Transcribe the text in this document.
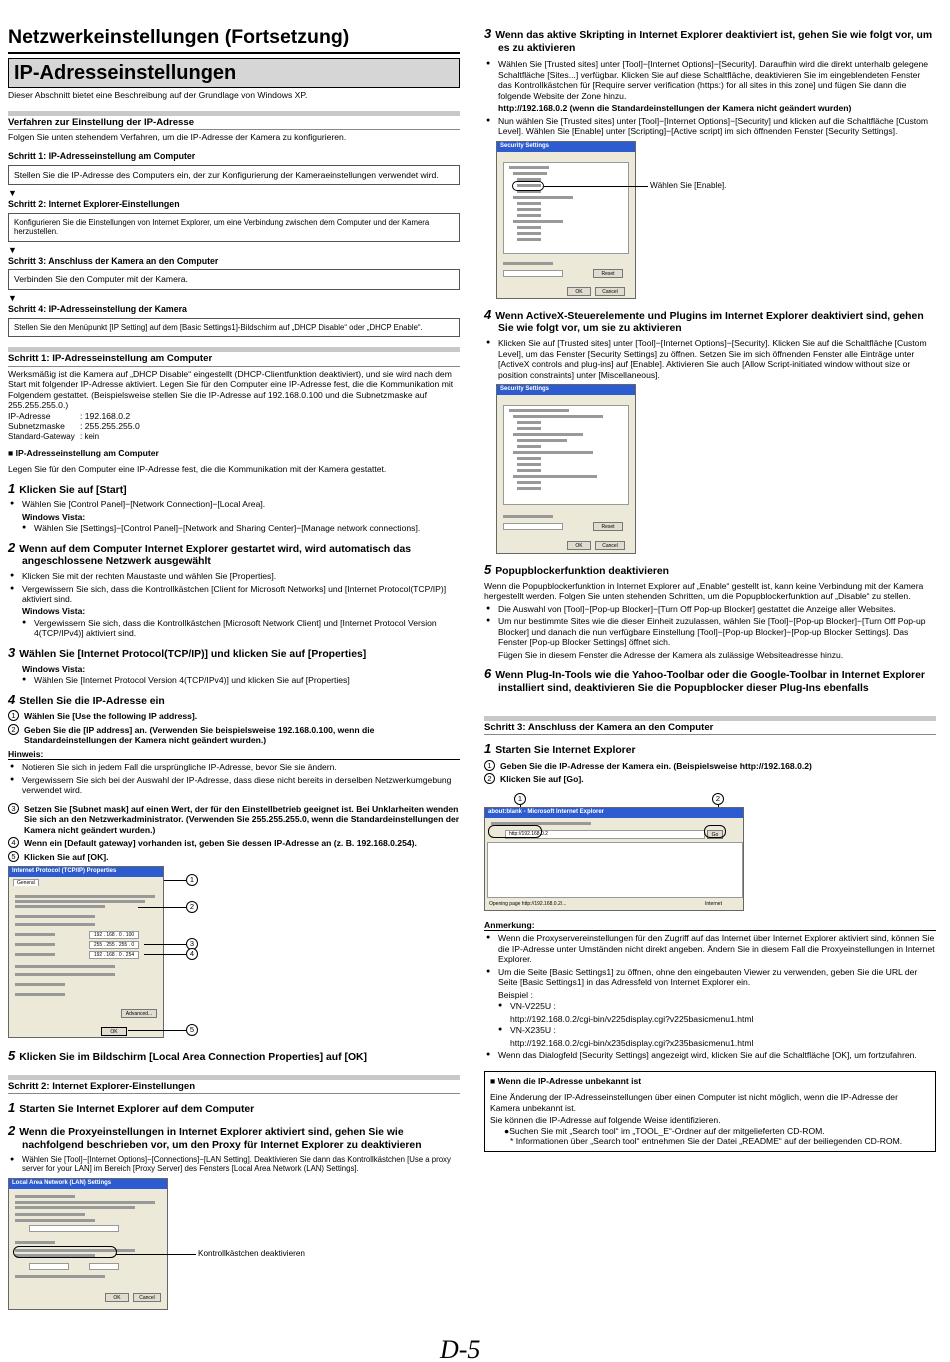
Netzwerkeinstellungen (Fortsetzung)
IP-Adresseinstellungen

Dieser Abschnitt bietet eine Beschreibung auf der Grundlage von Windows XP.

Verfahren zur Einstellung der IP-Adresse

Folgen Sie unten stehendem Verfahren, um die IP-Adresse der Kamera zu konfigurieren.

Schritt 1: IP-Adresseinstellung am Computer
Stellen Sie die IP-Adresse des Computers ein, der zur Konfigurierung der Kameraeinstellungen verwendet wird.
▼
Schritt 2: Internet Explorer-Einstellungen
Konfigurieren Sie die Einstellungen von Internet Explorer, um eine Verbindung zwischen dem Computer und der Kamera herzustellen.
▼
Schritt 3: Anschluss der Kamera an den Computer
Verbinden Sie den Computer mit der Kamera.
▼
Schritt 4: IP-Adresseinstellung der Kamera
Stellen Sie den Menüpunkt [IP Setting] auf dem [Basic Settings1]-Bildschirm auf „DHCP Disable“ oder „DHCP Enable“.
Schritt 1: IP-Adresseinstellung am Computer

Werksmäßig ist die Kamera auf „DHCP Disable“ eingestellt (DHCP-Clientfunktion deaktiviert), und sie wird nach dem Start mit folgender IP-Adresse aktiviert. Legen Sie für den Computer eine IP-Adresse fest, die die Kommunikation mit Folgendem gestattet. (Beispielsweise stellen Sie die IP-Adresse auf 192.168.0.100 und die Subnetzmaske auf 255.255.255.0.)

IP-Adresse	: 192.168.0.2
Subnetzmaske	: 255.255.255.0
Standard-Gateway : kein

■ IP-Adresseinstellung am Computer

Legen Sie für den Computer eine IP-Adresse fest, die die Kommunikation mit der Kamera gestattet.

1 Klicken Sie auf [Start]
● Wählen Sie [Control Panel]−[Network Connection]−[Local Area].
Windows Vista:
● Wählen Sie [Settings]−[Control Panel]−[Network and Sharing Center]−[Manage network connections].
2 Wenn auf dem Computer Internet Explorer gestartet wird, wird automatisch das angeschlossene Netzwerk ausgewählt
● Klicken Sie mit der rechten Maustaste und wählen Sie [Properties].
● Vergewissern Sie sich, dass die Kontrollkästchen [Client for Microsoft Networks] und [Internet Protocol(TCP/IP)] aktiviert sind.
Windows Vista:
● Vergewissern Sie sich, dass die Kontrollkästchen [Microsoft Network Client] und [Internet Protocol Version 4(TCP/IPv4)] aktiviert sind.
3 Wählen Sie [Internet Protocol(TCP/IP)] und klicken Sie auf [Properties]
Windows Vista:
● Wählen Sie [Internet Protocol Version 4(TCP/IPv4)] und klicken Sie auf [Properties]
4 Stellen Sie die IP-Adresse ein
1 Wählen Sie [Use the following IP address].
2 Geben Sie die [IP address] an. (Verwenden Sie beispielsweise 192.168.0.100, wenn die Standardeinstellungen der Kamera nicht geändert wurden.)
Hinweis:
● Notieren Sie sich in jedem Fall die ursprüngliche IP-Adresse, bevor Sie sie ändern.
● Vergewissern Sie sich bei der Auswahl der IP-Adresse, dass diese nicht bereits in derselben Netzwerkumgebung verwendet wird.
3 Setzen Sie [Subnet mask] auf einen Wert, der für den Einstellbetrieb geeignet ist. Bei Unklarheiten wenden Sie sich an den Netzwerkadministrator. (Verwenden Sie 255.255.255.0, wenn die Standardeinstellungen der Kamera nicht geändert wurden.)
4 Wenn ein [Default gateway] vorhanden ist, geben Sie dessen IP-Adresse an (z. B. 192.168.0.254).
5 Klicken Sie auf [OK].
Internet Protocol (TCP/IP) Properties
General
192 . 168 . 0 . 100
255 . 255 . 255 . 0
192 . 168 . 0 . 254
Advanced...
OK
1
2
3
4
5
5 Klicken Sie im Bildschirm [Local Area Connection Properties] auf [OK]
Schritt 2: Internet Explorer-Einstellungen
1 Starten Sie Internet Explorer auf dem Computer
2 Wenn die Proxyeinstellungen in Internet Explorer aktiviert sind, gehen Sie wie nachfolgend beschrieben vor, um den Proxy für Internet Explorer zu deaktivieren
● Wählen Sie [Tool]−[Internet Options]−[Connections]−[LAN Setting]. Deaktivieren Sie dann das Kontrollkästchen [Use a proxy server for your LAN] im Bereich [Proxy Server] des Fensters [Local Area Network (LAN) Settings].
Local Area Network (LAN) Settings
OK	Cancel
Kontrollkästchen deaktivieren
3 Wenn das aktive Skripting in Internet Explorer deaktiviert ist, gehen Sie wie folgt vor, um es zu aktivieren
● Wählen Sie [Trusted sites] unter [Tool]−[Internet Options]−[Security]. Daraufhin wird die direkt unterhalb gelegene Schaltfläche [Sites...] verfügbar. Klicken Sie auf diese Schaltfläche, deaktivieren Sie im eingeblendeten Fenster das Kontrollkästchen für [Require server verification (https:) for all sites in this zone] und fügen Sie dann die folgende Website der Zone hinzu.
http://192.168.0.2 (wenn die Standardeinstellungen der Kamera nicht geändert wurden)
● Nun wählen Sie [Trusted sites] unter [Tool]−[Internet Options]−[Security] und klicken auf die Schaltfläche [Custom Level]. Wählen Sie [Enable] unter [Scripting]−[Active script] im sich öffnenden Fenster [Security Settings].
Security Settings
Reset
OK	Cancel
Wählen Sie [Enable].
4 Wenn ActiveX-Steuerelemente und Plugins im Internet Explorer deaktiviert sind, gehen Sie wie folgt vor, um sie zu aktivieren
● Klicken Sie auf [Trusted sites] unter [Tool]−[Internet Options]−[Security]. Klicken Sie auf die Schaltfläche [Custom Level], um das Fenster [Security Settings] zu öffnen. Setzen Sie im sich öffnenden Fenster alle Einträge unter [ActiveX controls and plug-ins] auf [Enable]. Aktivieren Sie auch [Allow Script-initiated window without size or position constraints] unter [Miscellaneous].
Security Settings
Reset
OK	Cancel
5 Popupblockerfunktion deaktivieren

Wenn die Popupblockerfunktion in Internet Explorer auf „Enable“ gestellt ist, kann keine Verbindung mit der Kamera hergestellt werden. Folgen Sie unten stehenden Schritten, um die Popupblockerfunktion auf „Disable“ zu stellen.

● Die Auswahl von [Tool]−[Pop-up Blocker]−[Turn Off Pop-up Blocker] gestattet die Anzeige aller Websites.
● Um nur bestimmte Sites wie die dieser Einheit zuzulassen, wählen Sie [Tool]−[Pop-up Blocker]−[Turn Off Pop-up Blocker] und danach die nun verfügbare Einstellung [Tool]−[Pop-up Blocker]−[Pop-up Blocker Settings]. Das Fenster [Pop-up Blocker Settings] öffnet sich.
Fügen Sie in diesem Fenster die Adresse der Kamera als zulässige Websiteadresse hinzu.
6 Wenn Plug-In-Tools wie die Yahoo-Toolbar oder die Google-Toolbar in Internet Explorer installiert sind, deaktivieren Sie die Popupblocker dieser Plug-Ins ebenfalls
Schritt 3: Anschluss der Kamera an den Computer
1 Starten Sie Internet Explorer
1 Geben Sie die IP-Adresse der Kamera ein. (Beispielsweise http://192.168.0.2)
2 Klicken Sie auf [Go].
1	2
about:blank - Microsoft Internet Explorer
http://192.168.0.2	Go
Opening page http://192.168.0.2/...	Internet
Anmerkung:
● Wenn die Proxyservereinstellungen für den Zugriff auf das Internet über Internet Explorer aktiviert sind, können Sie die IP-Adresse unter Umständen nicht direkt angeben. Ändern Sie in diesem Fall die Proxyeinstellungen in Internet Explorer.
● Um die Seite [Basic Settings1] zu öffnen, ohne den eingebauten Viewer zu verwenden, geben Sie die URL der Seite [Basic Settings1] in das Adressfeld von Internet Explorer ein.
Beispiel :
● VN-V225U :
http://192.168.0.2/cgi-bin/v225display.cgi?v225basicmenu1.html
● VN-X235U :
http://192.168.0.2/cgi-bin/x235display.cgi?x235basicmenu1.html
● Wenn das Dialogfeld [Security Settings] angezeigt wird, klicken Sie auf die Schaltfläche [OK], um fortzufahren.
■ Wenn die IP-Adresse unbekannt ist

Eine Änderung der IP-Adresseinstellungen über einen Computer ist nicht möglich, wenn die IP-Adresse der Kamera unbekannt ist.

Sie können die IP-Adresse auf folgende Weise identifizieren.

●Suchen Sie mit „Search tool“ im „TOOL_E“-Ordner auf der mitgelieferten CD-ROM.
* Informationen über „Search tool“ entnehmen Sie der Datei „README“ auf der beiliegenden CD-ROM.
D-5
